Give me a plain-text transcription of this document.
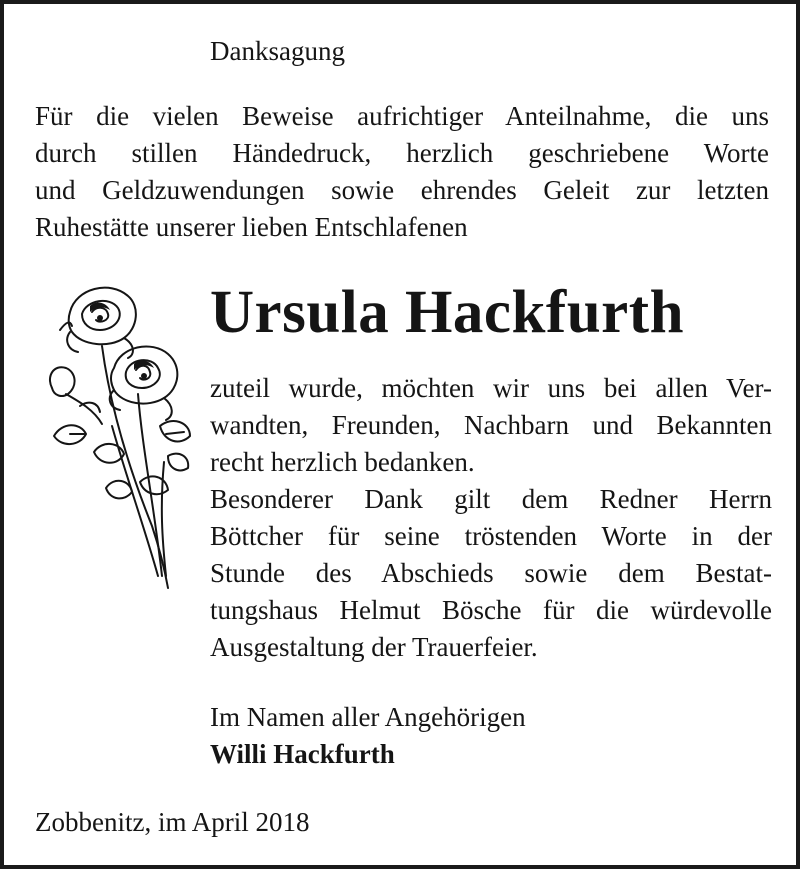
Danksagung
Für die vielen Beweise aufrichtiger Anteilnahme, die uns
durch stillen Händedruck, herzlich geschriebene Worte
und Geldzuwendungen sowie ehrendes Geleit zur letzten
Ruhestätte unserer lieben Entschlafenen
Ursula Hackfurth
zuteil wurde, möchten wir uns bei allen Ver-
wandten, Freunden, Nachbarn und Bekannten
recht herzlich bedanken.
Besonderer Dank gilt dem Redner Herrn
Böttcher für seine tröstenden Worte in der
Stunde des Abschieds sowie dem Bestat-
tungshaus Helmut Bösche für die würdevolle
Ausgestaltung der Trauerfeier.
Im Namen aller Angehörigen
Willi Hackfurth
Zobbenitz, im April 2018
